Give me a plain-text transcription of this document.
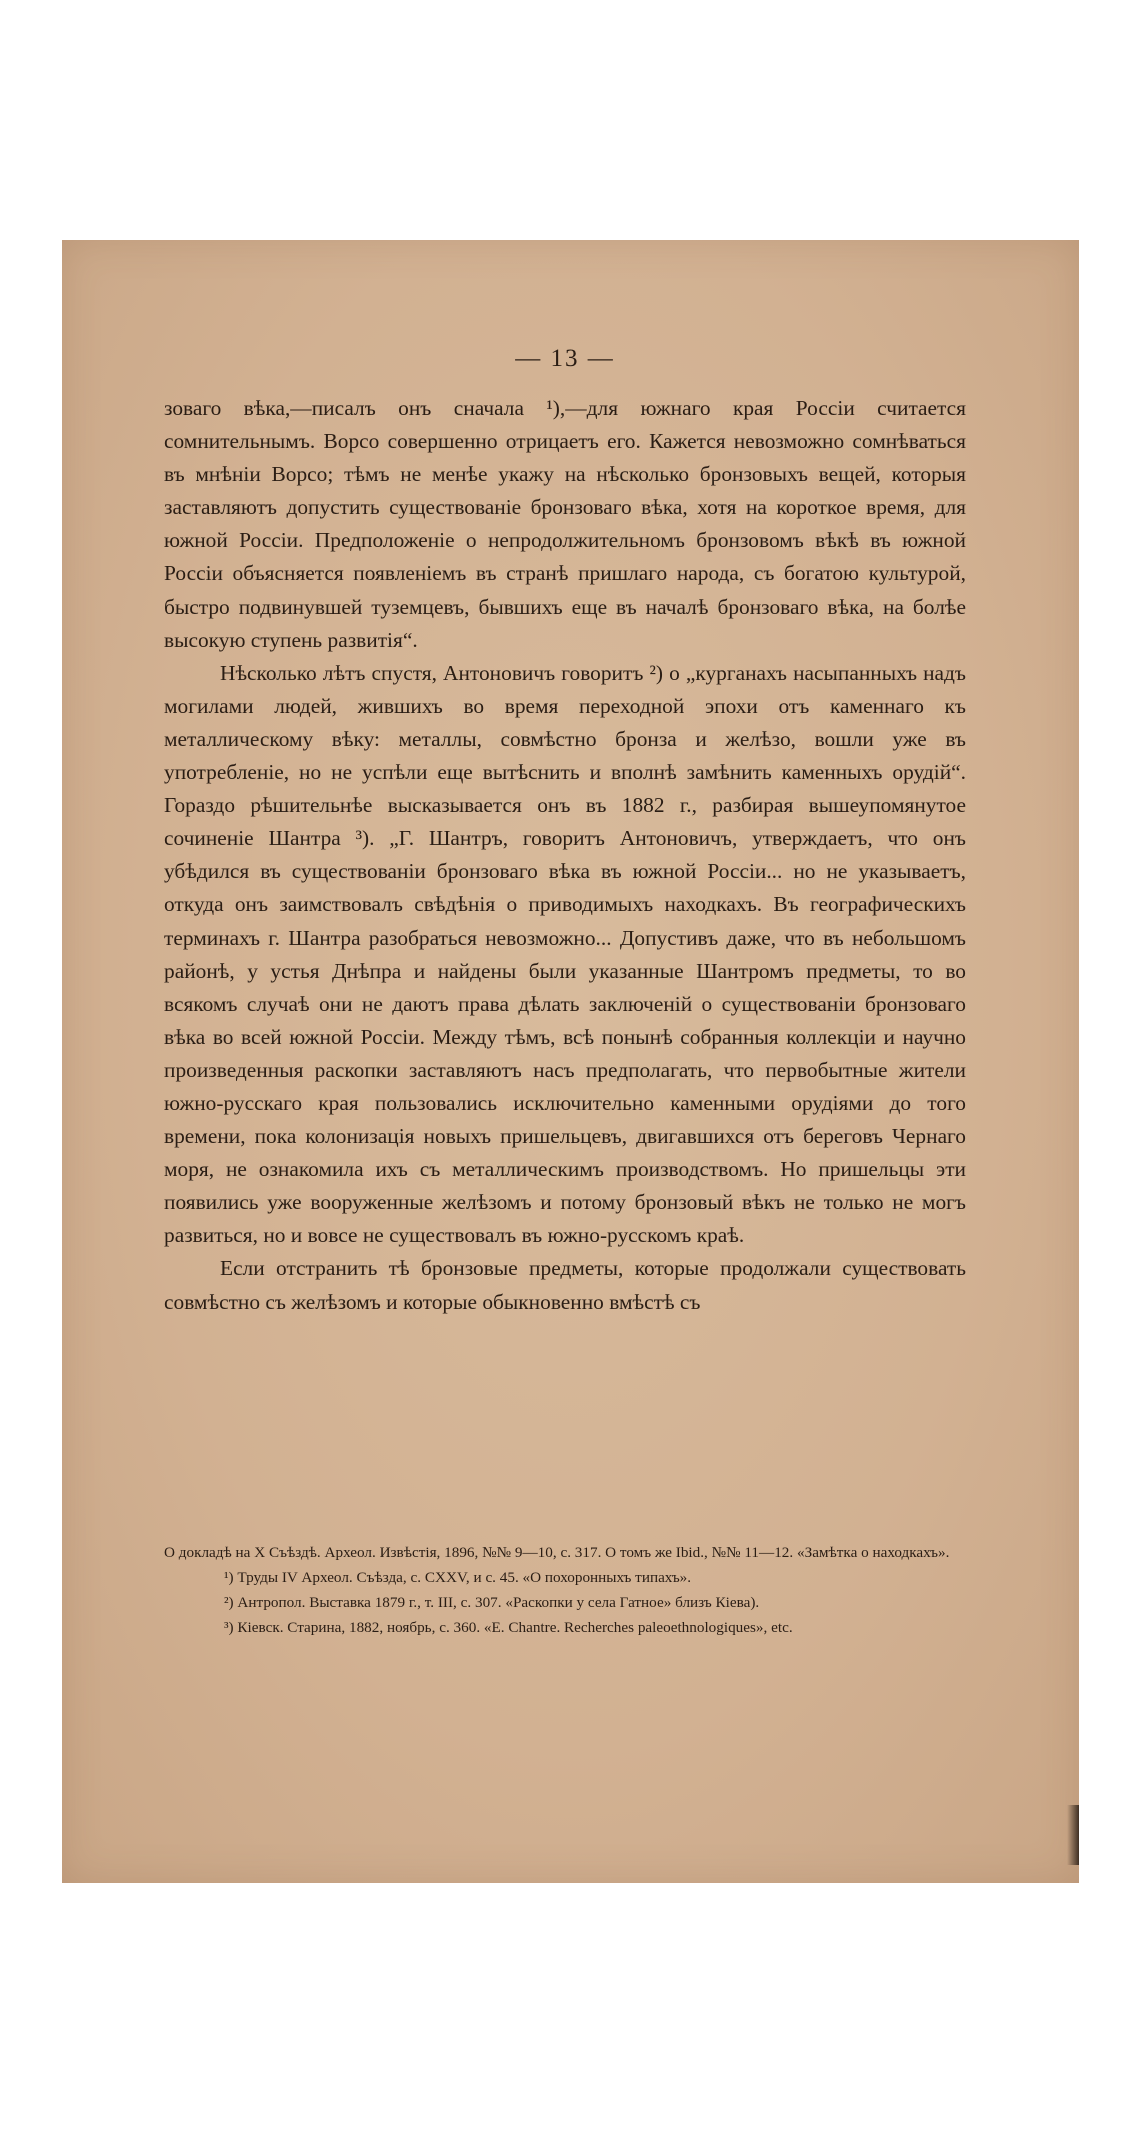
— 13 —

зоваго вѣка,—писалъ онъ сначала ¹),—для южнаго края Россіи считается сомнительнымъ. Ворсо совершенно отрицаетъ его. Кажется невозможно сомнѣваться въ мнѣніи Ворсо; тѣмъ не менѣе укажу на нѣсколько бронзовыхъ вещей, которыя заставляютъ допустить существованіе бронзоваго вѣка, хотя на короткое время, для южной Россіи. Предположеніе о непродолжительномъ бронзовомъ вѣкѣ въ южной Россіи объясняется появленіемъ въ странѣ пришлаго народа, съ богатою культурой, быстро подвинувшей туземцевъ, бывшихъ еще въ началѣ бронзоваго вѣка, на болѣе высокую ступень развитія“.

Нѣсколько лѣтъ спустя, Антоновичъ говоритъ ²) о „курганахъ насыпанныхъ надъ могилами людей, жившихъ во время переходной эпохи отъ каменнаго къ металлическому вѣку: металлы, совмѣстно бронза и желѣзо, вошли уже въ употребленіе, но не успѣли еще вытѣснить и вполнѣ замѣнить каменныхъ орудій“. Гораздо рѣшительнѣе высказывается онъ въ 1882 г., разбирая вышеупомянутое сочиненіе Шантра ³). „Г. Шантръ, говоритъ Антоновичъ, утверждаетъ, что онъ убѣдился въ существованіи бронзоваго вѣка въ южной Россіи... но не указываетъ, откуда онъ заимствовалъ свѣдѣнія о приводимыхъ находкахъ. Въ географическихъ терминахъ г. Шантра разобраться невозможно... Допустивъ даже, что въ небольшомъ районѣ, у устья Днѣпра и найдены были указанные Шантромъ предметы, то во всякомъ случаѣ они не даютъ права дѣлать заключеній о существованіи бронзоваго вѣка во всей южной Россіи. Между тѣмъ, всѣ понынѣ собранныя коллекціи и научно произведенныя раскопки заставляютъ насъ предполагать, что первобытные жители южно-русскаго края пользовались исключительно каменными орудіями до того времени, пока колонизація новыхъ пришельцевъ, двигавшихся отъ береговъ Чернаго моря, не ознакомила ихъ съ металлическимъ производствомъ. Но пришельцы эти появились уже вооруженные желѣзомъ и потому бронзовый вѣкъ не только не могъ развиться, но и вовсе не существовалъ въ южно-русскомъ краѣ.

Если отстранить тѣ бронзовые предметы, которые продолжали существовать совмѣстно съ желѣзомъ и которые обыкновенно вмѣстѣ съ

О докладѣ на X Съѣздѣ. Археол. Извѣстія, 1896, №№ 9—10, с. 317. О томъ же Ibid., №№ 11—12. «Замѣтка о находкахъ».

¹) Труды IV Археол. Съѣзда, с. CXXV, и с. 45. «О похоронныхъ типахъ».

²) Антропол. Выставка 1879 г., т. III, с. 307. «Раскопки у села Гатное» близъ Кіева).

³) Кіевск. Старина, 1882, ноябрь, с. 360. «E. Chantre. Recherches paleoethnologiques», etc.
